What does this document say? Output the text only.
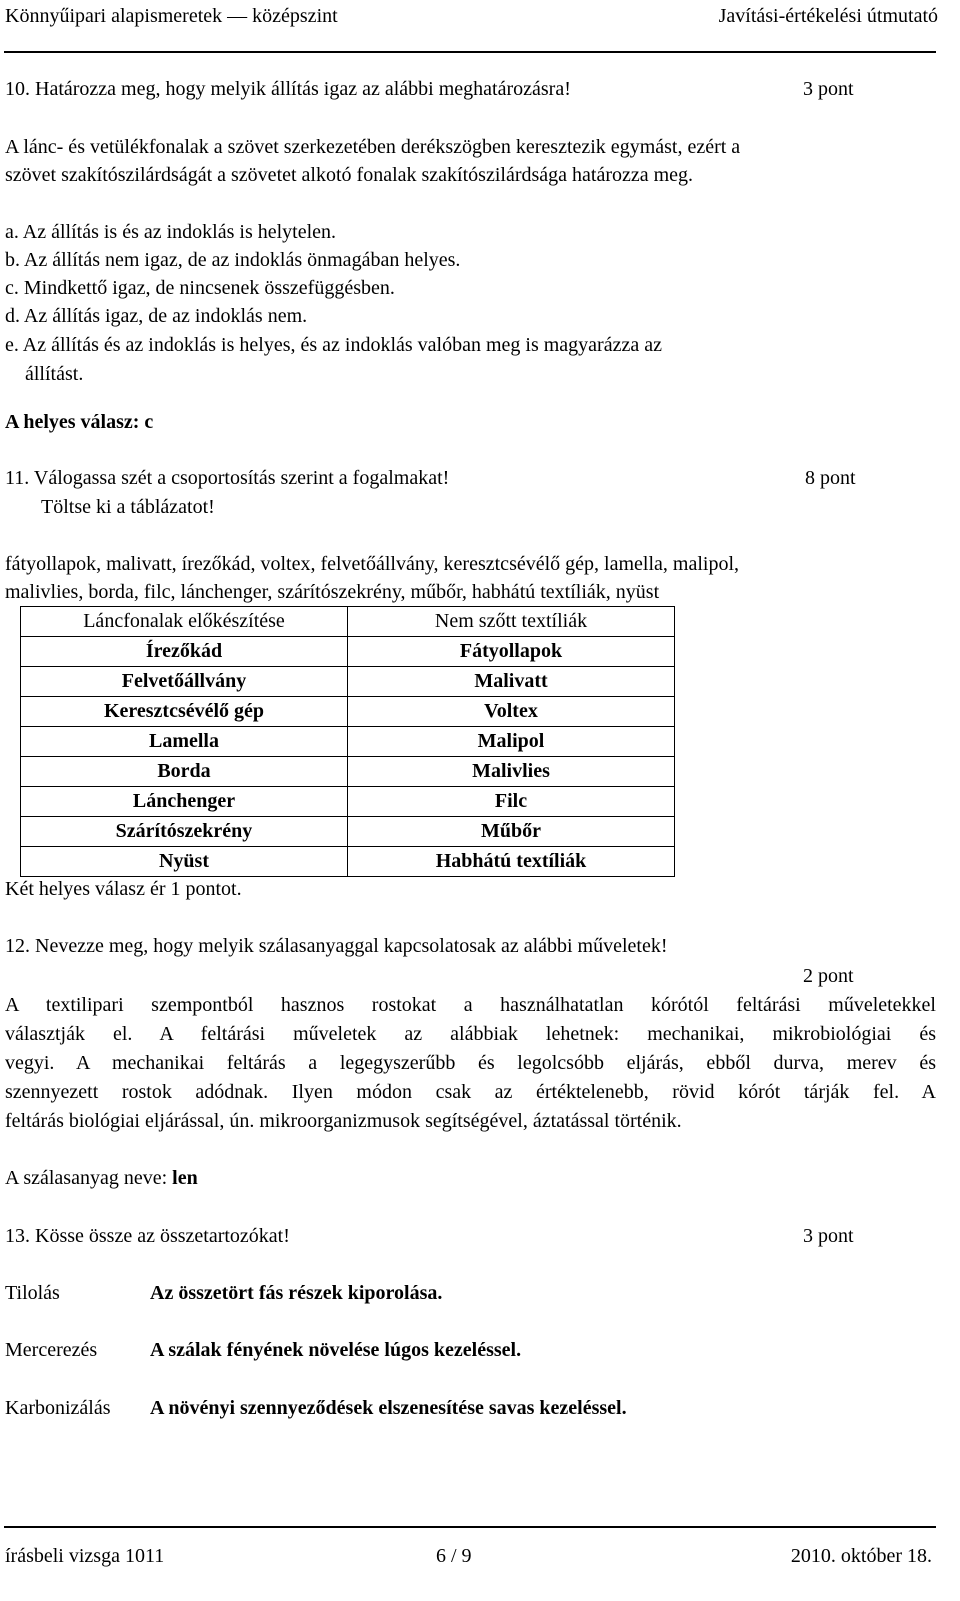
Könnyűipari alapismeretek — középszint	Javítási-értékelési útmutató
10. Határozza meg, hogy melyik állítás igaz az alábbi meghatározásra!	3 pont
A lánc- és vetülékfonalak a szövet szerkezetében derékszögben keresztezik egymást, ezért a
szövet szakítószilárdságát a szövetet alkotó fonalak szakítószilárdsága határozza meg.
a. Az állítás is és az indoklás is helytelen.
b. Az állítás nem igaz, de az indoklás önmagában helyes.
c. Mindkettő igaz, de nincsenek összefüggésben.
d. Az állítás igaz, de az indoklás nem.
e. Az állítás és az indoklás is helyes, és az indoklás valóban meg is magyarázza az
állítást.
A helyes válasz: c
11. Válogassa szét a csoportosítás szerint a fogalmakat!	8 pont
Töltse ki a táblázatot!
fátyollapok, malivatt, írezőkád, voltex, felvetőállvány, keresztcsévélő gép, lamella, malipol,
malivlies, borda, filc, lánchenger, szárítószekrény, műbőr, habhátú textíliák, nyüst
Láncfonalak előkészítése	Nem szőtt textíliák
Írezőkád	Fátyollapok
Felvetőállvány	Malivatt
Keresztcsévélő gép	Voltex
Lamella	Malipol
Borda	Malivlies
Lánchenger	Filc
Szárítószekrény	Műbőr
Nyüst	Habhátú textíliák
Két helyes válasz ér 1 pontot.
12. Nevezze meg, hogy melyik szálasanyaggal kapcsolatosak az alábbi műveletek!
2 pont
A textilipari szempontból hasznos rostokat a használhatatlan kórótól feltárási műveletekkel
választják el. A feltárási műveletek az alábbiak lehetnek: mechanikai, mikrobiológiai és
vegyi. A mechanikai feltárás a legegyszerűbb és legolcsóbb eljárás, ebből durva, merev és
szennyezett rostok adódnak. Ilyen módon csak az értéktelenebb, rövid kórót tárják fel. A
feltárás biológiai eljárással, ún. mikroorganizmusok segítségével, áztatással történik.
A szálasanyag neve: len
13. Kösse össze az összetartozókat!	3 pont
Tilolás	Az összetört fás részek kiporolása.
Mercerezés	A szálak fényének növelése lúgos kezeléssel.
Karbonizálás A növényi szennyeződések elszenesítése savas kezeléssel.
írásbeli vizsga 1011	6 / 9	2010. október 18.
